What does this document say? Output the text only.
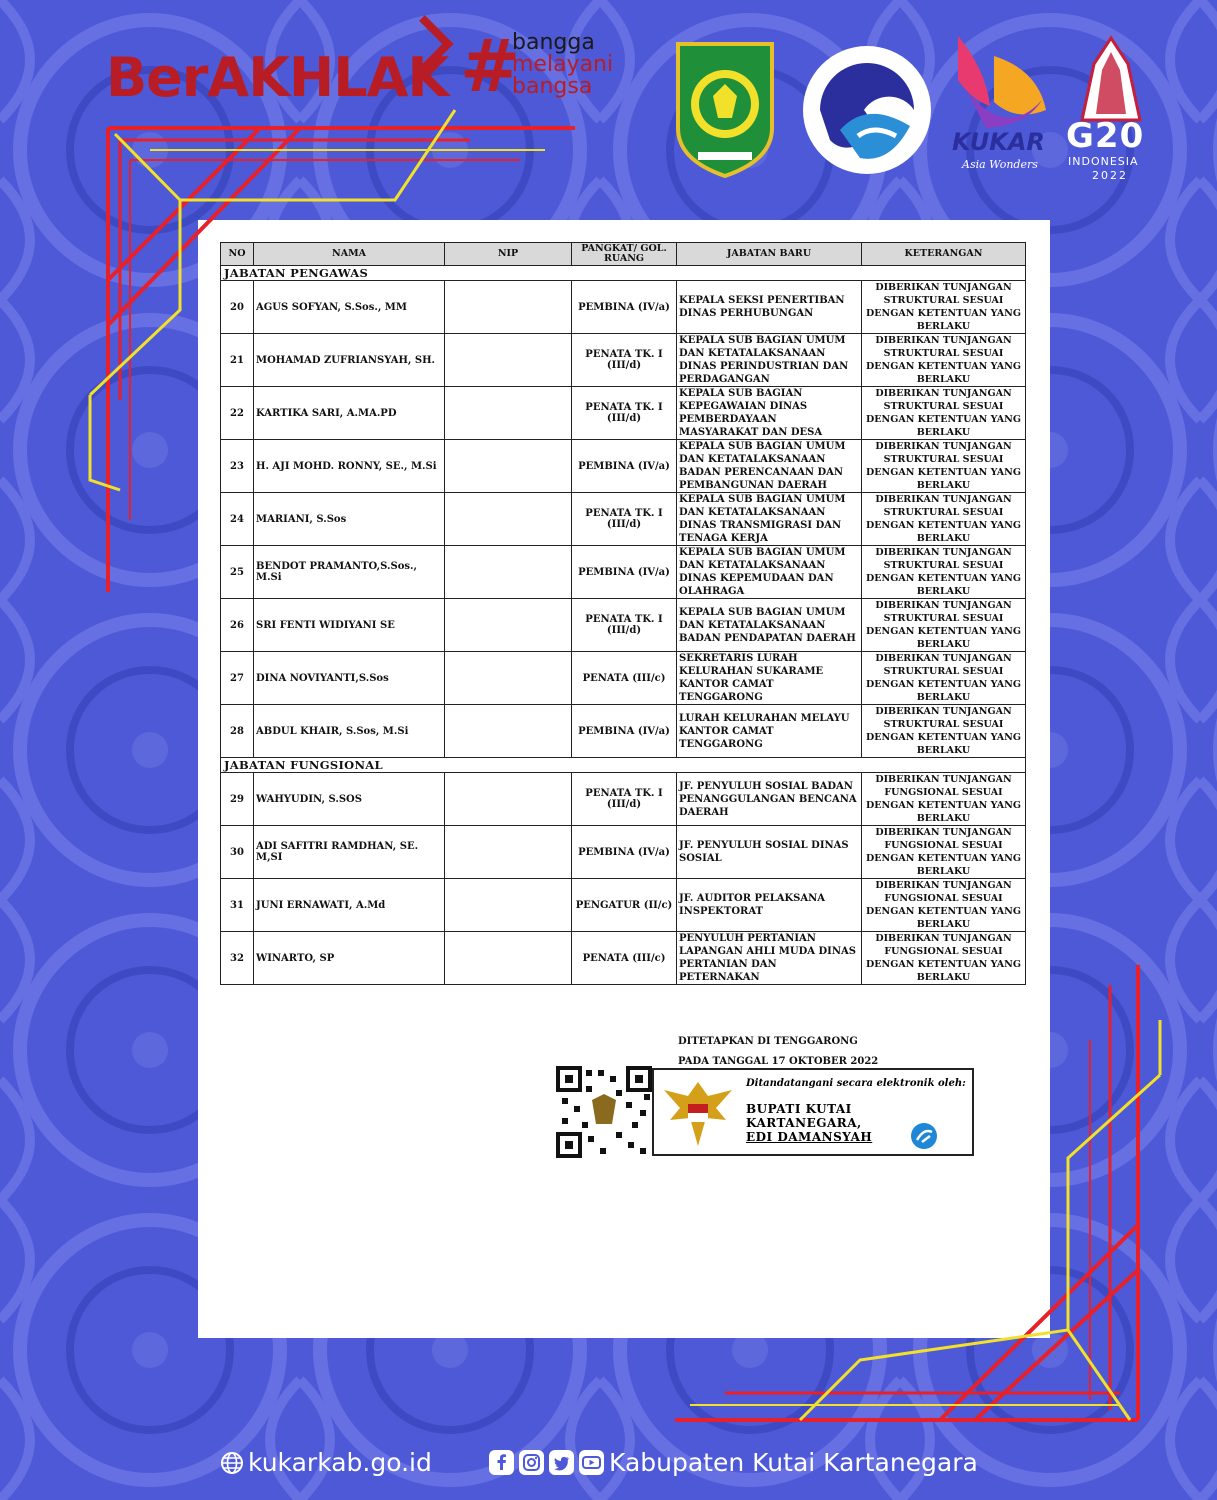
BerAKHLAK #
bangga
melayani
bangsa
KUKAR
Asia Wonders
G20
INDONESIA
2022
NO	NAMA	NIP	PANGKAT/ GOL. RUANG	JABATAN BARU	KETERANGAN
JABATAN PENGAWAS					
20	AGUS SOFYAN, S.Sos., MM		PEMBINA (IV/a)	KEPALA SEKSI PENERTIBAN DINAS PERHUBUNGAN	DIBERIKAN TUNJANGAN STRUKTURAL SESUAI DENGAN KETENTUAN YANG BERLAKU
21	MOHAMAD ZUFRIANSYAH, SH.		PENATA TK. I (III/d)	KEPALA SUB BAGIAN UMUM DAN KETATALAKSANAAN DINAS PERINDUSTRIAN DAN PERDAGANGAN	DIBERIKAN TUNJANGAN STRUKTURAL SESUAI DENGAN KETENTUAN YANG BERLAKU
22	KARTIKA SARI, A.MA.PD		PENATA TK. I (III/d)	KEPALA SUB BAGIAN KEPEGAWAIAN DINAS PEMBERDAYAAN MASYARAKAT DAN DESA	DIBERIKAN TUNJANGAN STRUKTURAL SESUAI DENGAN KETENTUAN YANG BERLAKU
23	H. AJI MOHD. RONNY, SE., M.Si		PEMBINA (IV/a)	KEPALA SUB BAGIAN UMUM DAN KETATALAKSANAAN BADAN PERENCANAAN DAN PEMBANGUNAN DAERAH	DIBERIKAN TUNJANGAN STRUKTURAL SESUAI DENGAN KETENTUAN YANG BERLAKU
24	MARIANI, S.Sos		PENATA TK. I (III/d)	KEPALA SUB BAGIAN UMUM DAN KETATALAKSANAAN DINAS TRANSMIGRASI DAN TENAGA KERJA	DIBERIKAN TUNJANGAN STRUKTURAL SESUAI DENGAN KETENTUAN YANG BERLAKU
25	BENDOT PRAMANTO,S.Sos., M.Si		PEMBINA (IV/a)	KEPALA SUB BAGIAN UMUM DAN KETATALAKSANAAN DINAS KEPEMUDAAN DAN OLAHRAGA	DIBERIKAN TUNJANGAN STRUKTURAL SESUAI DENGAN KETENTUAN YANG BERLAKU
26	SRI FENTI WIDIYANI SE		PENATA TK. I (III/d)	KEPALA SUB BAGIAN UMUM DAN KETATALAKSANAAN BADAN PENDAPATAN DAERAH	DIBERIKAN TUNJANGAN STRUKTURAL SESUAI DENGAN KETENTUAN YANG BERLAKU
27	DINA NOVIYANTI,S.Sos		PENATA (III/c)	SEKRETARIS LURAH KELURAHAN SUKARAME KANTOR CAMAT TENGGARONG	DIBERIKAN TUNJANGAN STRUKTURAL SESUAI DENGAN KETENTUAN YANG BERLAKU
28	ABDUL KHAIR, S.Sos, M.Si		PEMBINA (IV/a)	LURAH KELURAHAN MELAYU KANTOR CAMAT TENGGARONG	DIBERIKAN TUNJANGAN STRUKTURAL SESUAI DENGAN KETENTUAN YANG BERLAKU
JABATAN FUNGSIONAL					
29	WAHYUDIN, S.SOS		PENATA TK. I (III/d)	JF. PENYULUH SOSIAL BADAN PENANGGULANGAN BENCANA DAERAH	DIBERIKAN TUNJANGAN FUNGSIONAL SESUAI DENGAN KETENTUAN YANG BERLAKU
30	ADI SAFITRI RAMDHAN, SE. M,SI		PEMBINA (IV/a)	JF. PENYULUH SOSIAL DINAS SOSIAL	DIBERIKAN TUNJANGAN FUNGSIONAL SESUAI DENGAN KETENTUAN YANG BERLAKU
31	JUNI ERNAWATI, A.Md		PENGATUR (II/c)	JF. AUDITOR PELAKSANA INSPEKTORAT	DIBERIKAN TUNJANGAN FUNGSIONAL SESUAI DENGAN KETENTUAN YANG BERLAKU
32	WINARTO, SP		PENATA (III/c)	PENYULUH PERTANIAN LAPANGAN AHLI MUDA DINAS PERTANIAN DAN PETERNAKAN	DIBERIKAN TUNJANGAN FUNGSIONAL SESUAI DENGAN KETENTUAN YANG BERLAKU
DITETAPKAN DI TENGGARONG
PADA TANGGAL 17 OKTOBER 2022
Ditandatangani secara elektronik oleh:
BUPATI KUTAI KARTANEGARA,
EDI DAMANSYAH
kukarkab.go.id	Kabupaten Kutai Kartanegara
